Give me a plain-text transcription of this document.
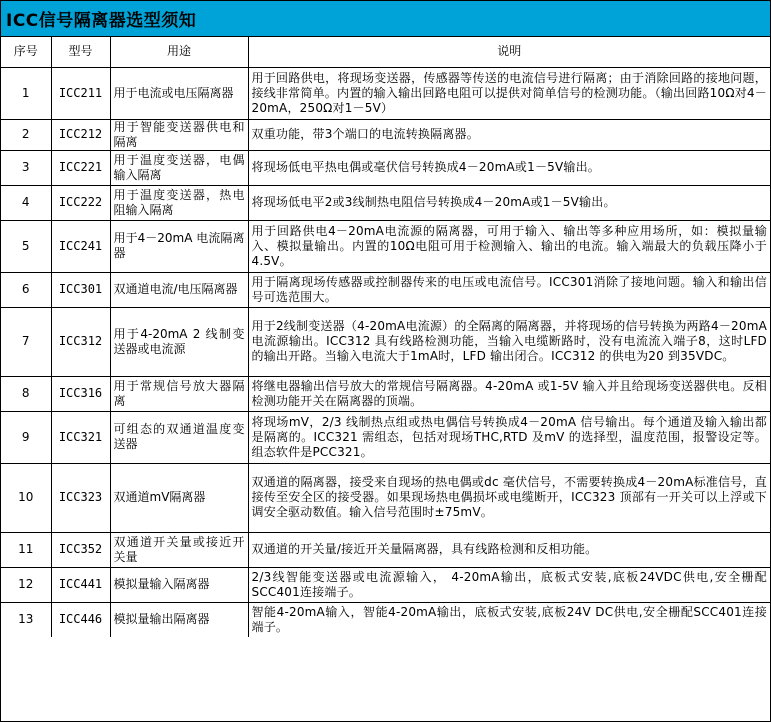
ICC信号隔离器选型须知
序号	型号	用途	说明
1	ICC211	用于电流或电压隔离器	用于回路供电，将现场变送器，传感器等传送的电流信号进行隔离；由于消除回路的接地问题，接线非常简单。内置的输入输出回路电阻可以提供对简单信号的检测功能。（输出回路10Ω对4－20mA，250Ω对1－5V）
2	ICC212	用于智能变送器供电和隔离	双重功能，带3个端口的电流转换隔离器。
3	ICC221	用于温度变送器，电偶输入隔离	将现场低电平热电偶或毫伏信号转换成4－20mA或1－5V输出。
4	ICC222	用于温度变送器，热电阻输入隔离	将现场低电平2或3线制热电阻信号转换成4－20mA或1－5V输出。
5	ICC241	用于4－20mA 电流隔离器	用于回路供电4－20mA电流源的隔离器，可用于输入、输出等多种应用场所，如：模拟量输入、模拟量输出。内置的10Ω电阻可用于检测输入、输出的电流。输入端最大的负载压降小于4.5V。
6	ICC301	双通道电流/电压隔离器	用于隔离现场传感器或控制器传来的电压或电流信号。ICC301消除了接地问题。输入和输出信号可选范围大。
7	ICC312	用于4-20mA 2 线制变送器或电流源	用于2线制变送器（4-20mA电流源）的全隔离的隔离器，并将现场的信号转换为两路4－20mA 电流源输出。ICC312 具有线路检测功能，当输入电缆断路时，没有电流流入端子8，这时LFD 的输出开路。当输入电流大于1mA时，LFD 输出闭合。ICC312 的供电为20 到35VDC。
8	ICC316	用于常规信号放大器隔离	将继电器输出信号放大的常规信号隔离器。4-20mA 或1-5V 输入并且给现场变送器供电。反相检测功能开关在隔离器的顶端。
9	ICC321	可组态的双通道温度变送器	将现场mV，2/3 线制热点组或热电偶信号转换成4－20mA 信号输出。每个通道及输入输出都是隔离的。ICC321 需组态，包括对现场THC,RTD 及mV 的选择型，温度范围，报警设定等。组态软件是PCC321。
10	ICC323	双通道mV隔离器	双通道的隔离器，接受来自现场的热电偶或dc 毫伏信号，不需要转换成4－20mA标准信号，直接传至安全区的接受器。如果现场热电偶损坏或电缆断开，ICC323 顶部有一开关可以上浮或下调安全驱动数值。输入信号范围时±75mV。
11	ICC352	双通道开关量或接近开关量	双通道的开关量/接近开关量隔离器，具有线路检测和反相功能。
12	ICC441	模拟量输入隔离器	2/3线智能变送器或电流源输入， 4-20mA输出，底板式安装,底板24VDC供电,安全栅配SCC401连接端子。
13	ICC446	模拟量输出隔离器	智能4-20mA输入，智能4-20mA输出，底板式安装,底板24V DC供电,安全栅配SCC401连接端子。
